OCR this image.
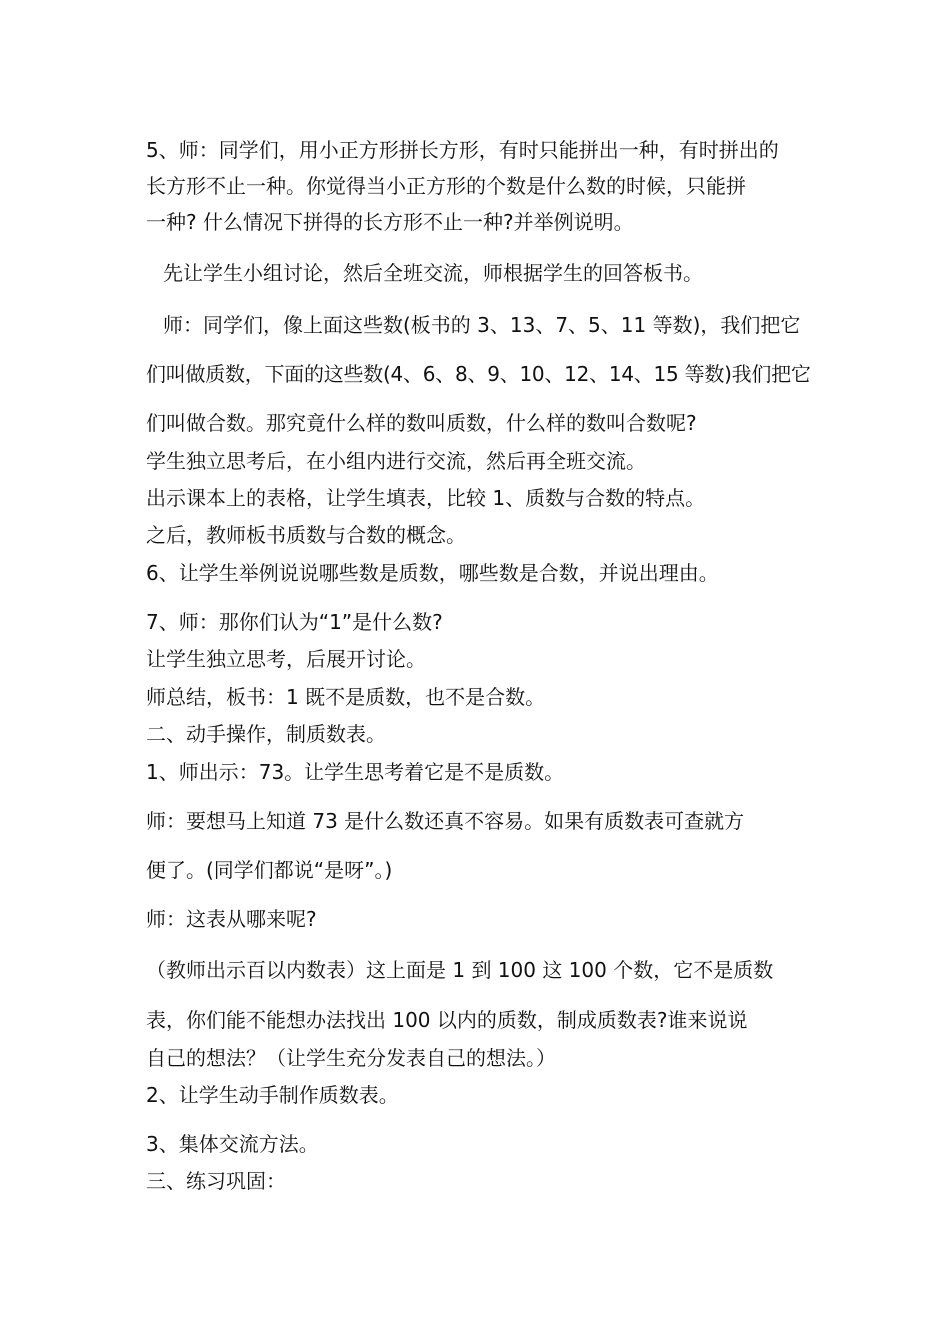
5、师：同学们，用小正方形拼长方形，有时只能拼出一种，有时拼出的
长方形不止一种。你觉得当小正方形的个数是什么数的时候，只能拼
一种? 什么情况下拼得的长方形不止一种?并举例说明。
先让学生小组讨论，然后全班交流，师根据学生的回答板书。
师：同学们，像上面这些数(板书的 3、13、7、5、11 等数)，我们把它
们叫做质数，下面的这些数(4、6、8、9、10、12、14、15 等数)我们把它
们叫做合数。那究竟什么样的数叫质数，什么样的数叫合数呢?
学生独立思考后，在小组内进行交流，然后再全班交流。
出示课本上的表格，让学生填表，比较 1、质数与合数的特点。
之后，教师板书质数与合数的概念。
6、让学生举例说说哪些数是质数，哪些数是合数，并说出理由。
7、师：那你们认为“1”是什么数?
让学生独立思考，后展开讨论。
师总结，板书：1 既不是质数，也不是合数。
二、动手操作，制质数表。
1、师出示：73。让学生思考着它是不是质数。
师：要想马上知道 73 是什么数还真不容易。如果有质数表可查就方
便了。(同学们都说“是呀”。)
师：这表从哪来呢?
（教师出示百以内数表）这上面是 1 到 100 这 100 个数，它不是质数
表，你们能不能想办法找出 100 以内的质数，制成质数表?谁来说说
自己的想法？（让学生充分发表自己的想法。）
2、让学生动手制作质数表。
3、集体交流方法。
三、练习巩固：
